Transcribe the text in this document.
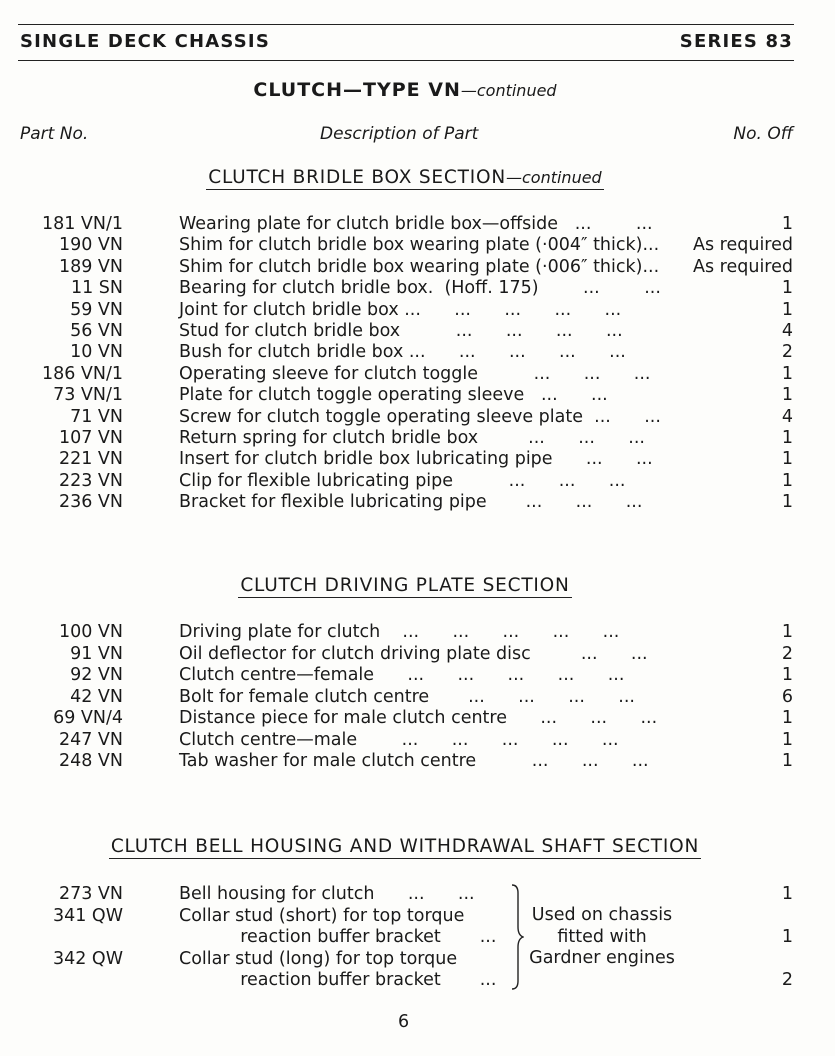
SINGLE DECK CHASSIS	SERIES 83
CLUTCH—TYPE VN—continued
Part No.	Description of Part	No. Off
CLUTCH BRIDLE BOX SECTION—continued
181 VN/1	Wearing plate for clutch bridle box—offside   ...        ...	1
190 VN	Shim for clutch bridle box wearing plate (·004″ thick)... As required
189 VN	Shim for clutch bridle box wearing plate (·006″ thick)... As required
11 SN	Bearing for clutch bridle box.  (Hoff. 175)        ...        ...	1
59 VN	Joint for clutch bridle box ...      ...      ...      ...      ...	1
56 VN	Stud for clutch bridle box          ...      ...      ...      ...	4
10 VN	Bush for clutch bridle box ...      ...      ...      ...      ...	2
186 VN/1	Operating sleeve for clutch toggle          ...      ...      ...	1
73 VN/1	Plate for clutch toggle operating sleeve   ...      ...	1
71 VN	Screw for clutch toggle operating sleeve plate  ...      ...	4
107 VN	Return spring for clutch bridle box         ...      ...      ...	1
221 VN	Insert for clutch bridle box lubricating pipe      ...      ...	1
223 VN	Clip for flexible lubricating pipe          ...      ...      ...	1
236 VN	Bracket for flexible lubricating pipe       ...      ...      ...	1
CLUTCH DRIVING PLATE SECTION
100 VN	Driving plate for clutch    ...      ...      ...      ...      ...	1
91 VN	Oil deflector for clutch driving plate disc         ...      ...	2
92 VN	Clutch centre—female      ...      ...      ...      ...      ...	1
42 VN	Bolt for female clutch centre       ...      ...      ...      ...	6
69 VN/4	Distance piece for male clutch centre      ...      ...      ...	1
247 VN	Clutch centre—male        ...      ...      ...      ...      ...	1
248 VN	Tab washer for male clutch centre          ...      ...      ...	1
CLUTCH BELL HOUSING AND WITHDRAWAL SHAFT SECTION
273 VN	Bell housing for clutch      ...      ...	1
341 QW	Collar stud (short) for top torque
reaction buffer bracket       ...	1
342 QW	Collar stud (long) for top torque
reaction buffer bracket       ...	2
Used on chassis
fitted with
Gardner engines
6
